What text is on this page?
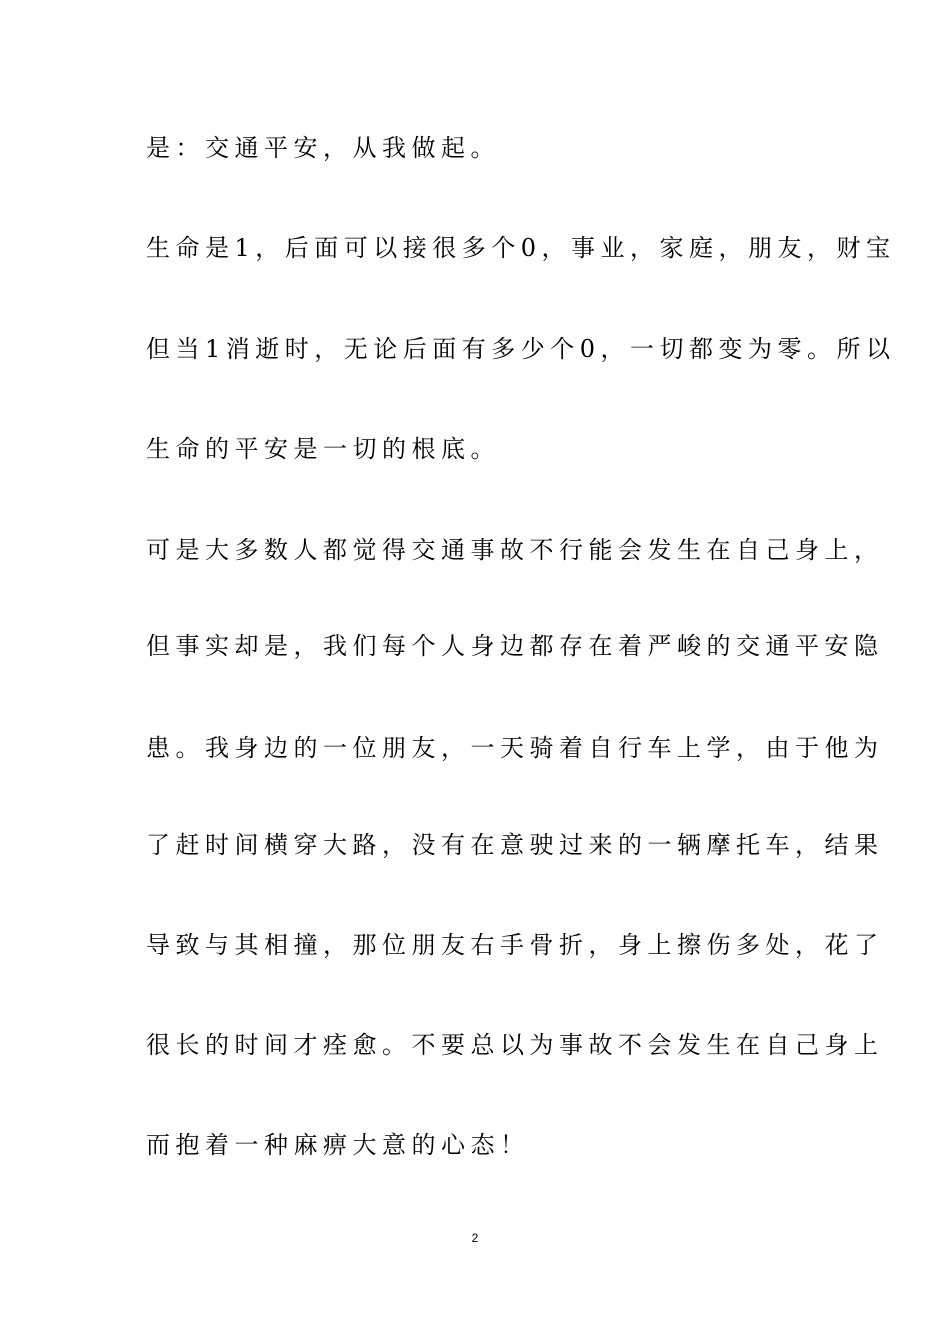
是：交通平安，从我做起。
生命是1，后面可以接很多个0，事业，家庭，朋友，财宝
但当1消逝时，无论后面有多少个0，一切都变为零。所以
生命的平安是一切的根底。
可是大多数人都觉得交通事故不行能会发生在自己身上，
但事实却是，我们每个人身边都存在着严峻的交通平安隐
患。我身边的一位朋友，一天骑着自行车上学，由于他为
了赶时间横穿大路，没有在意驶过来的一辆摩托车，结果
导致与其相撞，那位朋友右手骨折，身上擦伤多处，花了
很长的时间才痊愈。不要总以为事故不会发生在自己身上
而抱着一种麻痹大意的心态！
2
